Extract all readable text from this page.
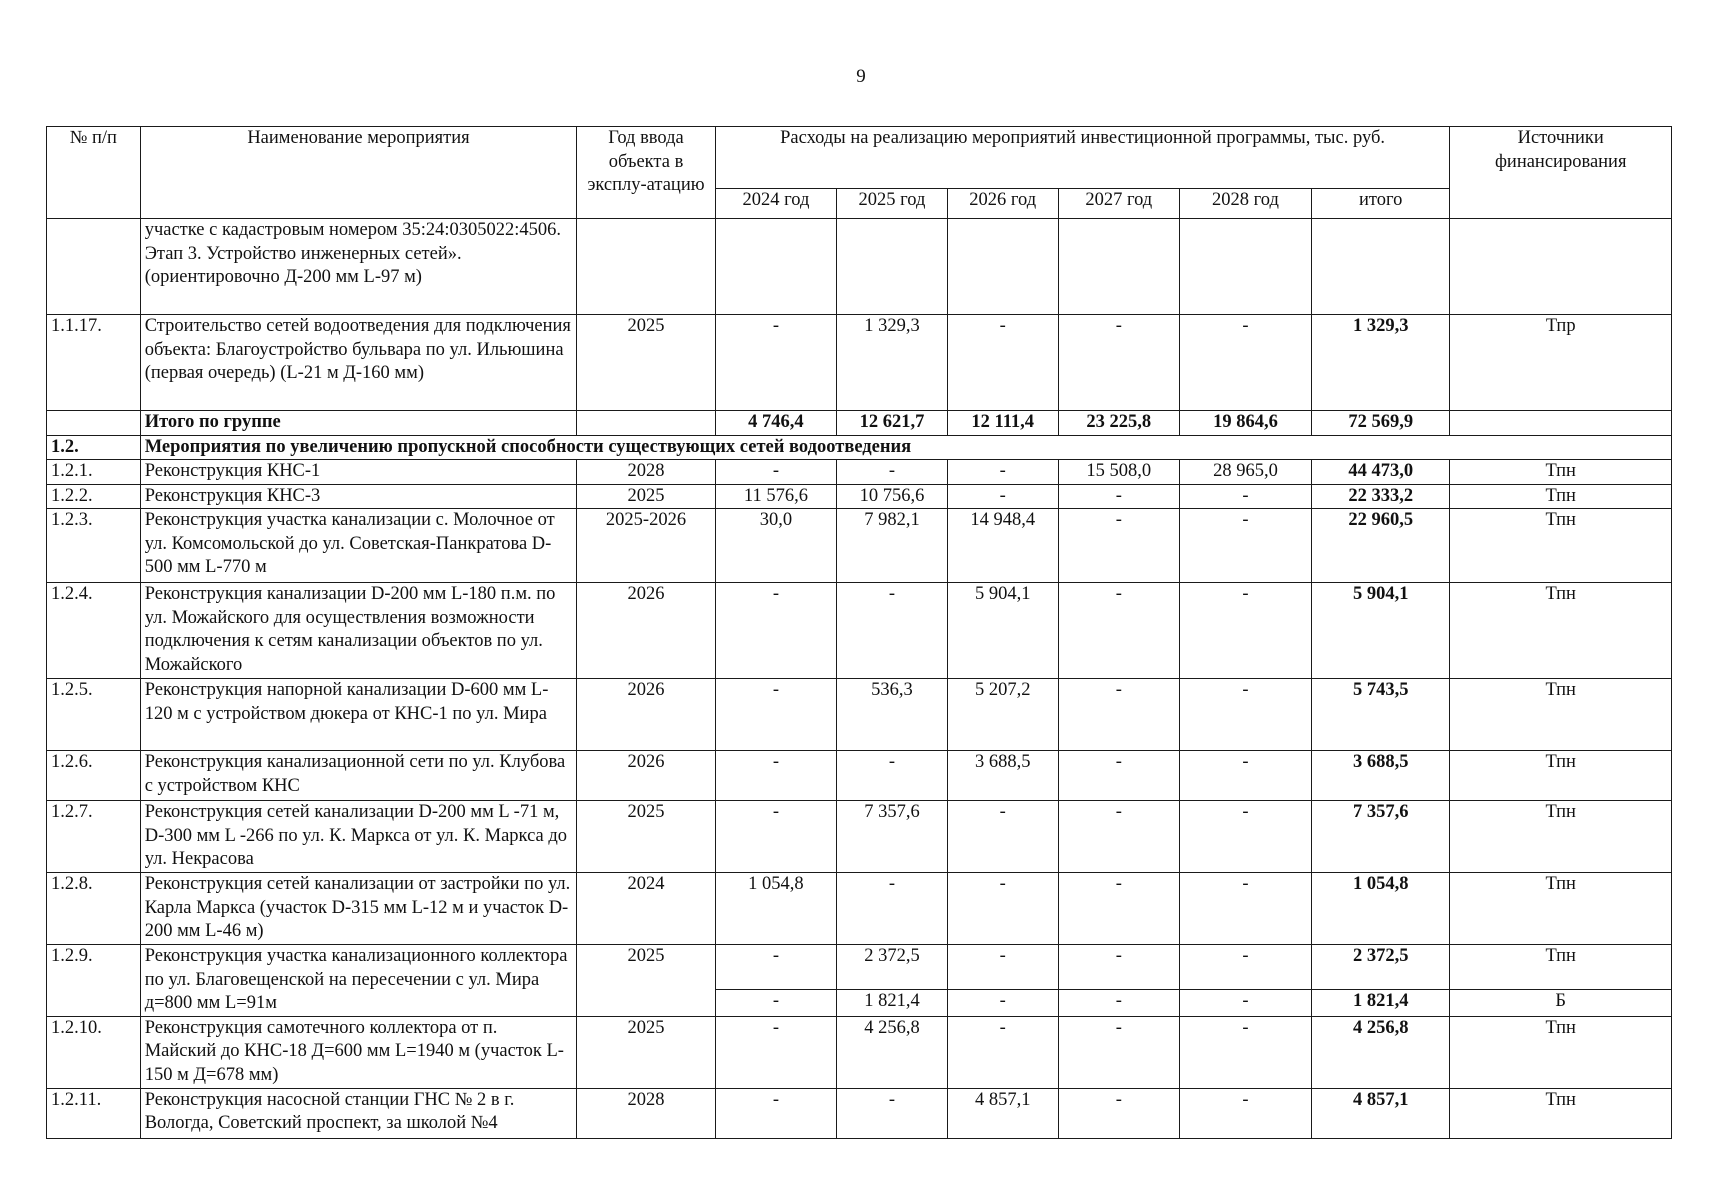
9
№ п/п	Наименование мероприятия	Год ввода объекта в эксплу-атацию	Расходы на реализацию мероприятий инвестиционной программы, тыс. руб.						Источники финансирования
			2024 год	2025 год	2026 год	2027 год	2028 год	итого	
	участке с кадастровым номером 35:24:0305022:4506. Этап 3. Устройство инженерных сетей». (ориентировочно Д-200 мм L-97 м)								
1.1.17.	Строительство сетей водоотведения для подключения объекта: Благоустройство бульвара по ул. Ильюшина (первая очередь) (L-21 м Д-160 мм)	2025	-	1 329,3	-	-	-	1 329,3	Тпр
	Итого по группе		4 746,4	12 621,7	12 111,4	23 225,8	19 864,6	72 569,9	
1.2.	Мероприятия по увеличению пропускной способности существующих сетей водоотведения								
1.2.1.	Реконструкция КНС-1	2028	-	-	-	15 508,0	28 965,0	44 473,0	Тпн
1.2.2.	Реконструкция КНС-3	2025	11 576,6	10 756,6	-	-	-	22 333,2	Тпн
1.2.3.	Реконструкция участка канализации с. Молочное от ул. Комсомольской до ул. Советская-Панкратова D-500 мм L-770 м	2025-2026	30,0	7 982,1	14 948,4	-	-	22 960,5	Тпн
1.2.4.	Реконструкция канализации D-200 мм L-180 п.м. по ул. Можайского для осуществления возможности подключения к сетям канализации объектов по ул. Можайского	2026	-	-	5 904,1	-	-	5 904,1	Тпн
1.2.5.	Реконструкция напорной канализации D-600 мм L-120 м с устройством дюкера от КНС-1 по ул. Мира	2026	-	536,3	5 207,2	-	-	5 743,5	Тпн
1.2.6.	Реконструкция канализационной сети по ул. Клубова с устройством КНС	2026	-	-	3 688,5	-	-	3 688,5	Тпн
1.2.7.	Реконструкция сетей канализации D-200 мм L -71 м, D-300 мм L -266 по ул. К. Маркса от ул. К. Маркса до ул. Некрасова	2025	-	7 357,6	-	-	-	7 357,6	Тпн
1.2.8.	Реконструкция сетей канализации от застройки по ул. Карла Маркса (участок D-315 мм L-12 м и участок D-200 мм L-46 м)	2024	1 054,8	-	-	-	-	1 054,8	Тпн
1.2.9.	Реконструкция участка канализационного коллектора по ул. Благовещенской на пересечении с ул. Мира д=800 мм L=91м	2025	-	2 372,5	-	-	-	2 372,5	Тпн
			-	1 821,4	-	-	-	1 821,4	Б
1.2.10.	Реконструкция самотечного коллектора от п. Майский до КНС-18 Д=600 мм L=1940 м (участок L-150 м Д=678 мм)	2025	-	4 256,8	-	-	-	4 256,8	Тпн
1.2.11.	Реконструкция насосной станции ГНС № 2 в г. Вологда, Советский проспект, за школой №4	2028	-	-	4 857,1	-	-	4 857,1	Тпн
